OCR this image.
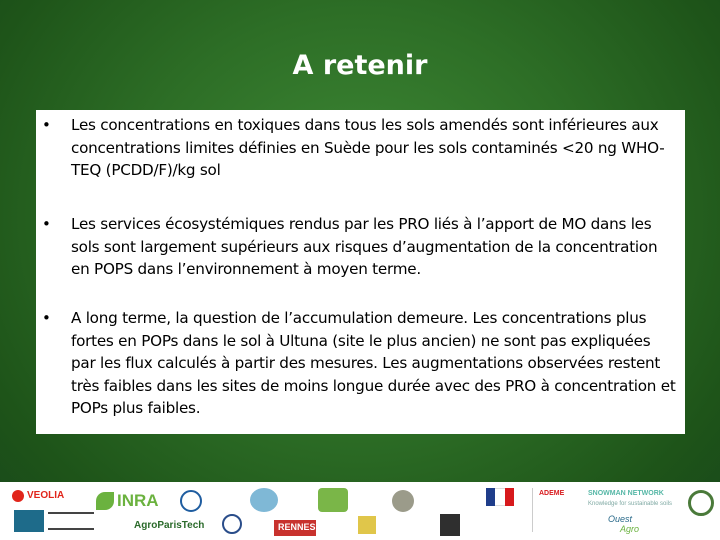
A retenir
• Les concentrations en toxiques dans tous les sols amendés sont inférieures aux concentrations limites définies en Suède pour les sols contaminés <20 ng WHO-TEQ (PCDD/F)/kg sol
• Les services écosystémiques rendus par les PRO liés à l’apport de MO dans les sols sont largement supérieurs aux risques d’augmentation de la concentration en POPS dans l’environnement à moyen terme.
• A long terme, la question de l’accumulation demeure. Les concentrations plus fortes en POPs dans le sol à Ultuna (site le plus ancien) ne sont pas expliquées par les flux calculés à partir des mesures. Les augmentations observées restent très faibles dans les sites de moins longue durée avec des PRO à concentration et POPs plus faibles.
VEOLIA	INRA
AgroParisTech	RENNES
ADEME	SNOWMAN NETWORK
Knowledge for sustainable soils
Ouest
Agro
